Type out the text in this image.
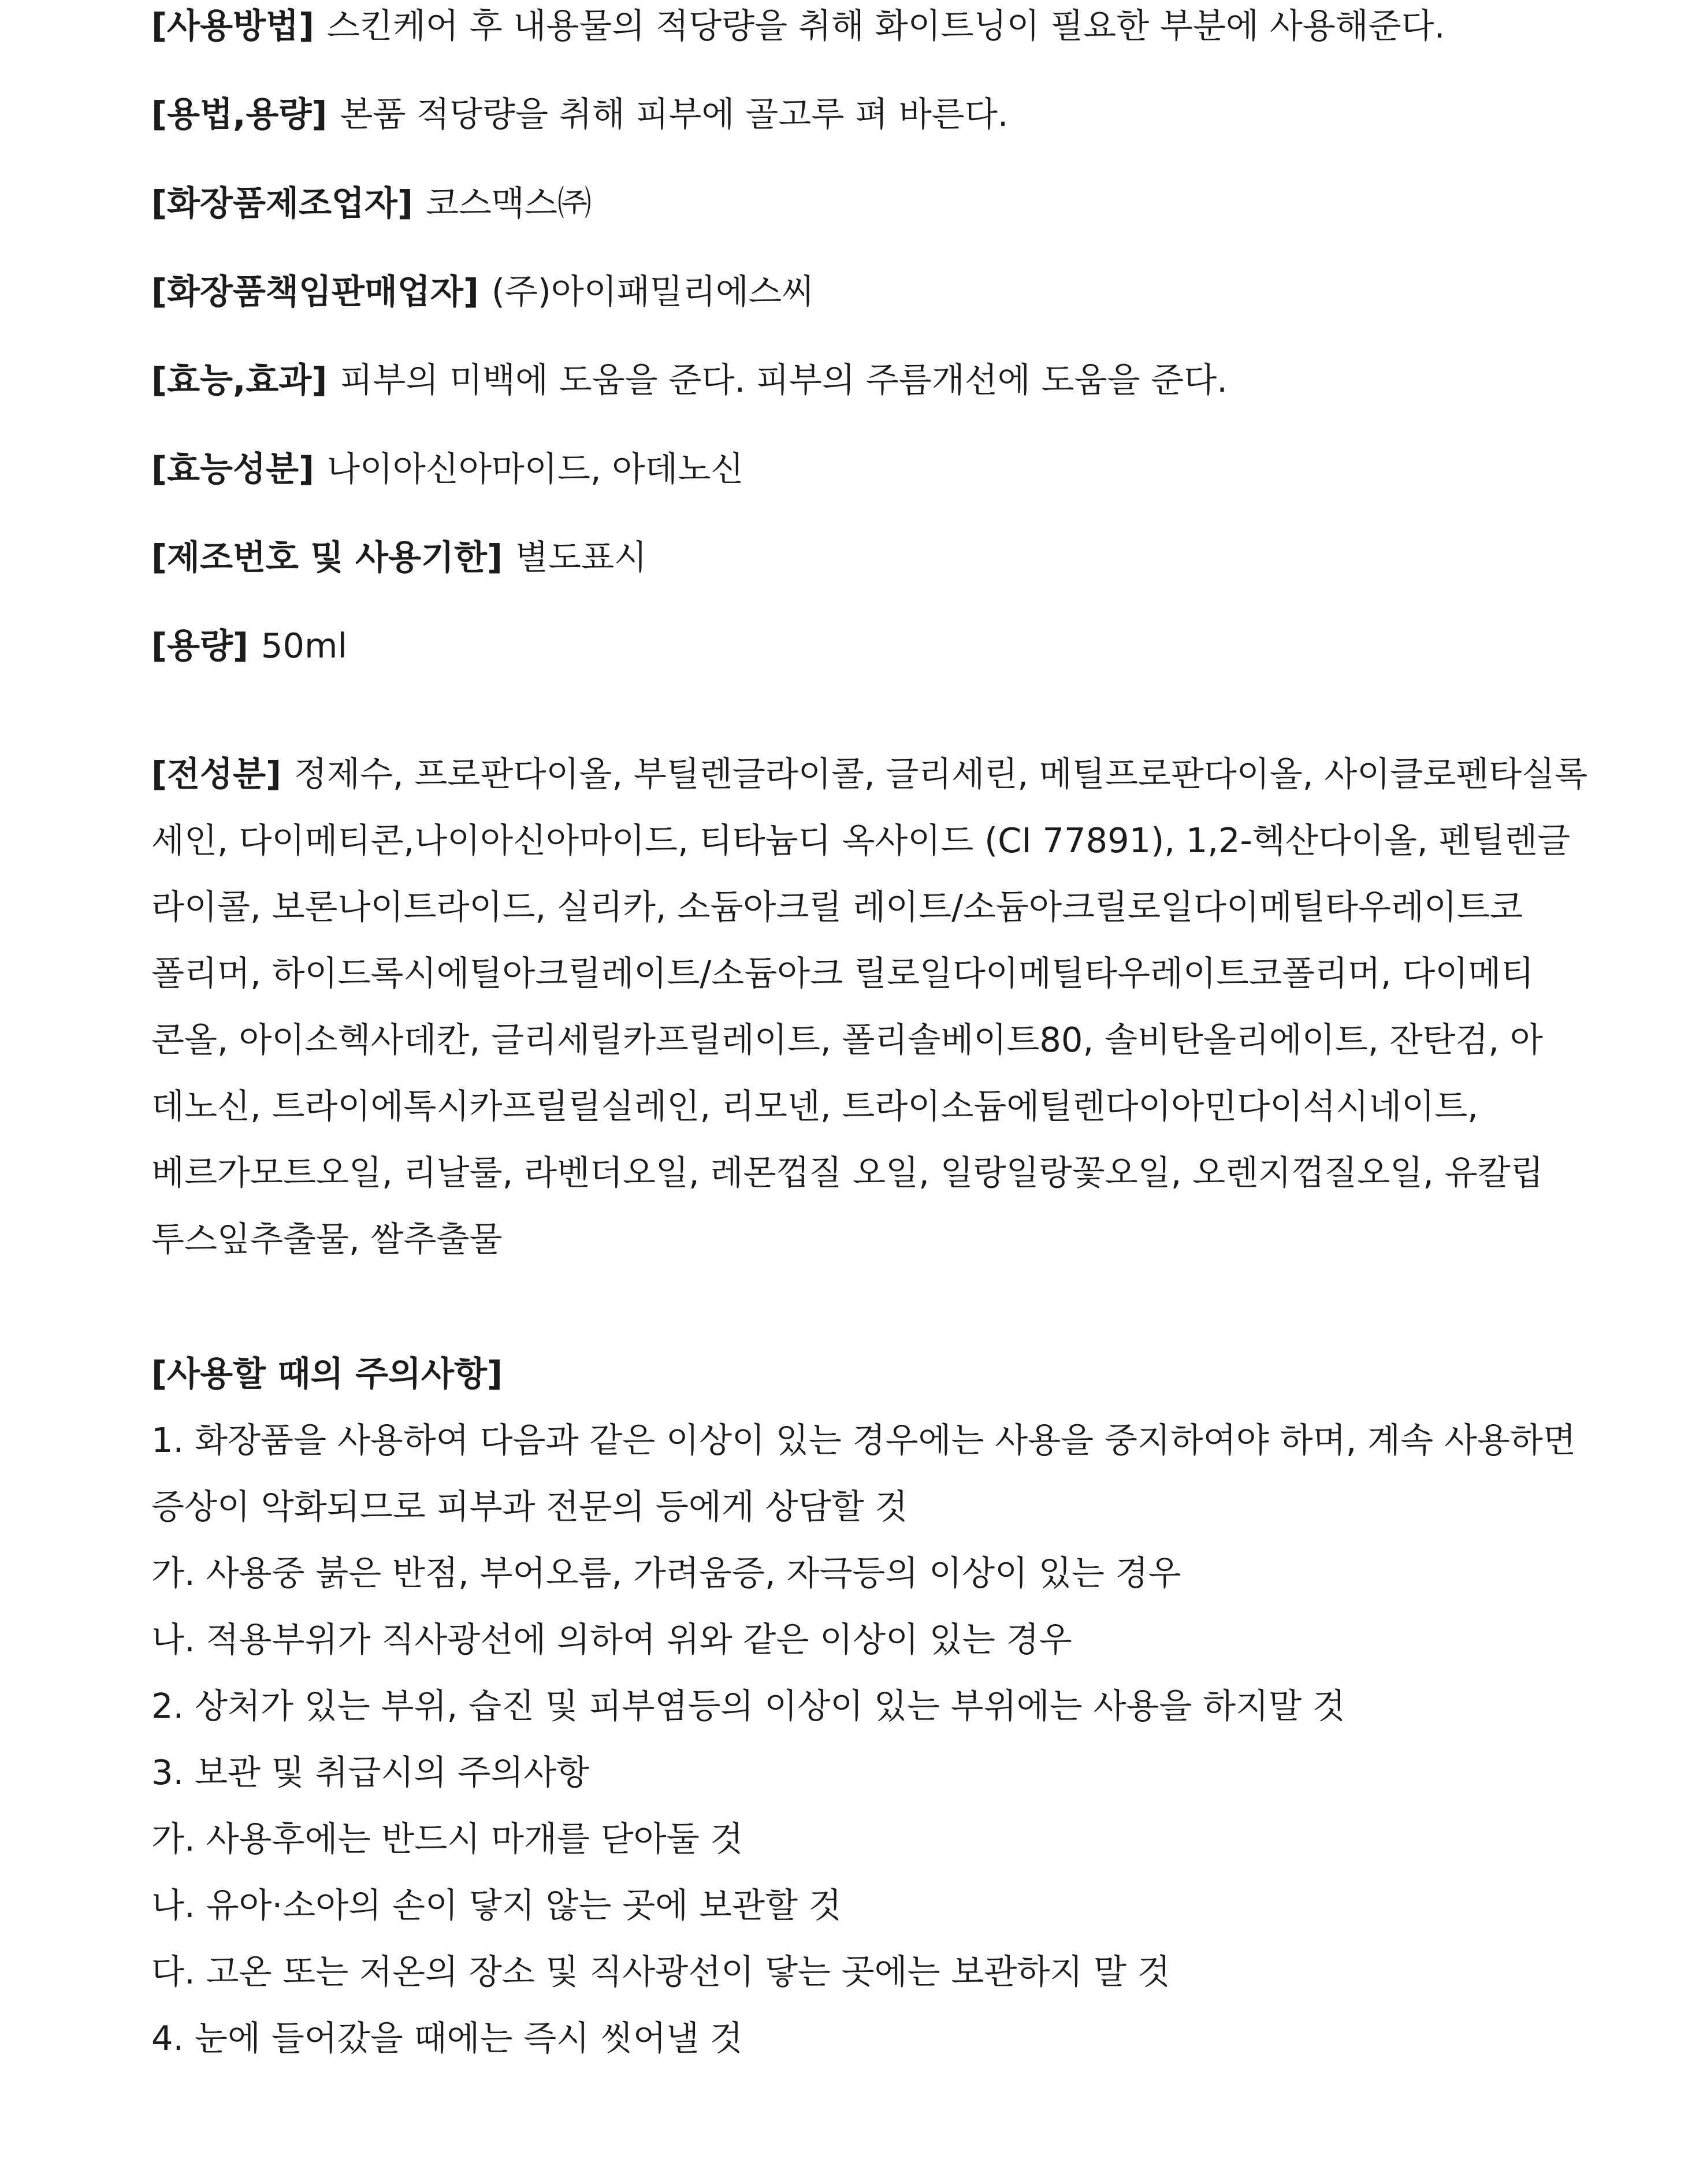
[사용방법] 스킨케어 후 내용물의 적당량을 취해 화이트닝이 필요한 부분에 사용해준다.
[용법,용량] 본품 적당량을 취해 피부에 골고루 펴 바른다.
[화장품제조업자] 코스맥스㈜
[화장품책임판매업자] (주)아이패밀리에스씨
[효능,효과] 피부의 미백에 도움을 준다. 피부의 주름개선에 도움을 준다.
[효능성분] 나이아신아마이드, 아데노신
[제조번호 및 사용기한] 별도표시
[용량] 50ml
[전성분] 정제수, 프로판다이올, 부틸렌글라이콜, 글리세린, 메틸프로판다이올, 사이클로펜타실록
세인, 다이메티콘,나이아신아마이드, 티타늄디 옥사이드 (CI 77891), 1,2-헥산다이올, 펜틸렌글
라이콜, 보론나이트라이드, 실리카, 소듐아크릴 레이트/소듐아크릴로일다이메틸타우레이트코
폴리머, 하이드록시에틸아크릴레이트/소듐아크 릴로일다이메틸타우레이트코폴리머, 다이메티
콘올, 아이소헥사데칸, 글리세릴카프릴레이트, 폴리솔베이트80, 솔비탄올리에이트, 잔탄검, 아
데노신, 트라이에톡시카프릴릴실레인, 리모넨, 트라이소듐에틸렌다이아민다이석시네이트,
베르가모트오일, 리날룰, 라벤더오일, 레몬껍질 오일, 일랑일랑꽃오일, 오렌지껍질오일, 유칼립
투스잎추출물, 쌀추출물
[사용할 때의 주의사항]
1. 화장품을 사용하여 다음과 같은 이상이 있는 경우에는 사용을 중지하여야 하며, 계속 사용하면
증상이 악화되므로 피부과 전문의 등에게 상담할 것
가. 사용중 붉은 반점, 부어오름, 가려움증, 자극등의 이상이 있는 경우
나. 적용부위가 직사광선에 의하여 위와 같은 이상이 있는 경우
2. 상처가 있는 부위, 습진 및 피부염등의 이상이 있는 부위에는 사용을 하지말 것
3. 보관 및 취급시의 주의사항
가. 사용후에는 반드시 마개를 닫아둘 것
나. 유아·소아의 손이 닿지 않는 곳에 보관할 것
다. 고온 또는 저온의 장소 및 직사광선이 닿는 곳에는 보관하지 말 것
4. 눈에 들어갔을 때에는 즉시 씻어낼 것
